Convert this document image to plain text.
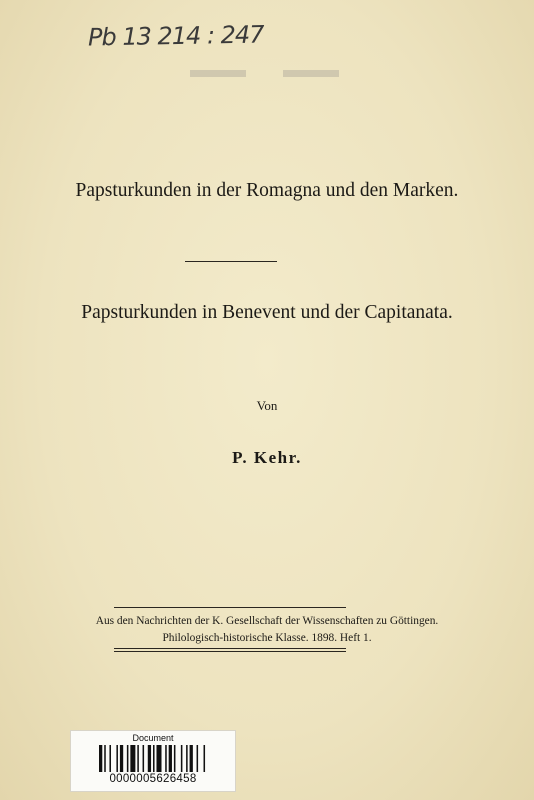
Pb 13 214 : 247
Papsturkunden in der Romagna und den Marken.
Papsturkunden in Benevent und der Capitanata.
Von
P. Kehr.
Aus den Nachrichten der K. Gesellschaft der Wissenschaften zu Göttingen.
Philologisch-historische Klasse. 1898. Heft 1.
Document
0000005626458
